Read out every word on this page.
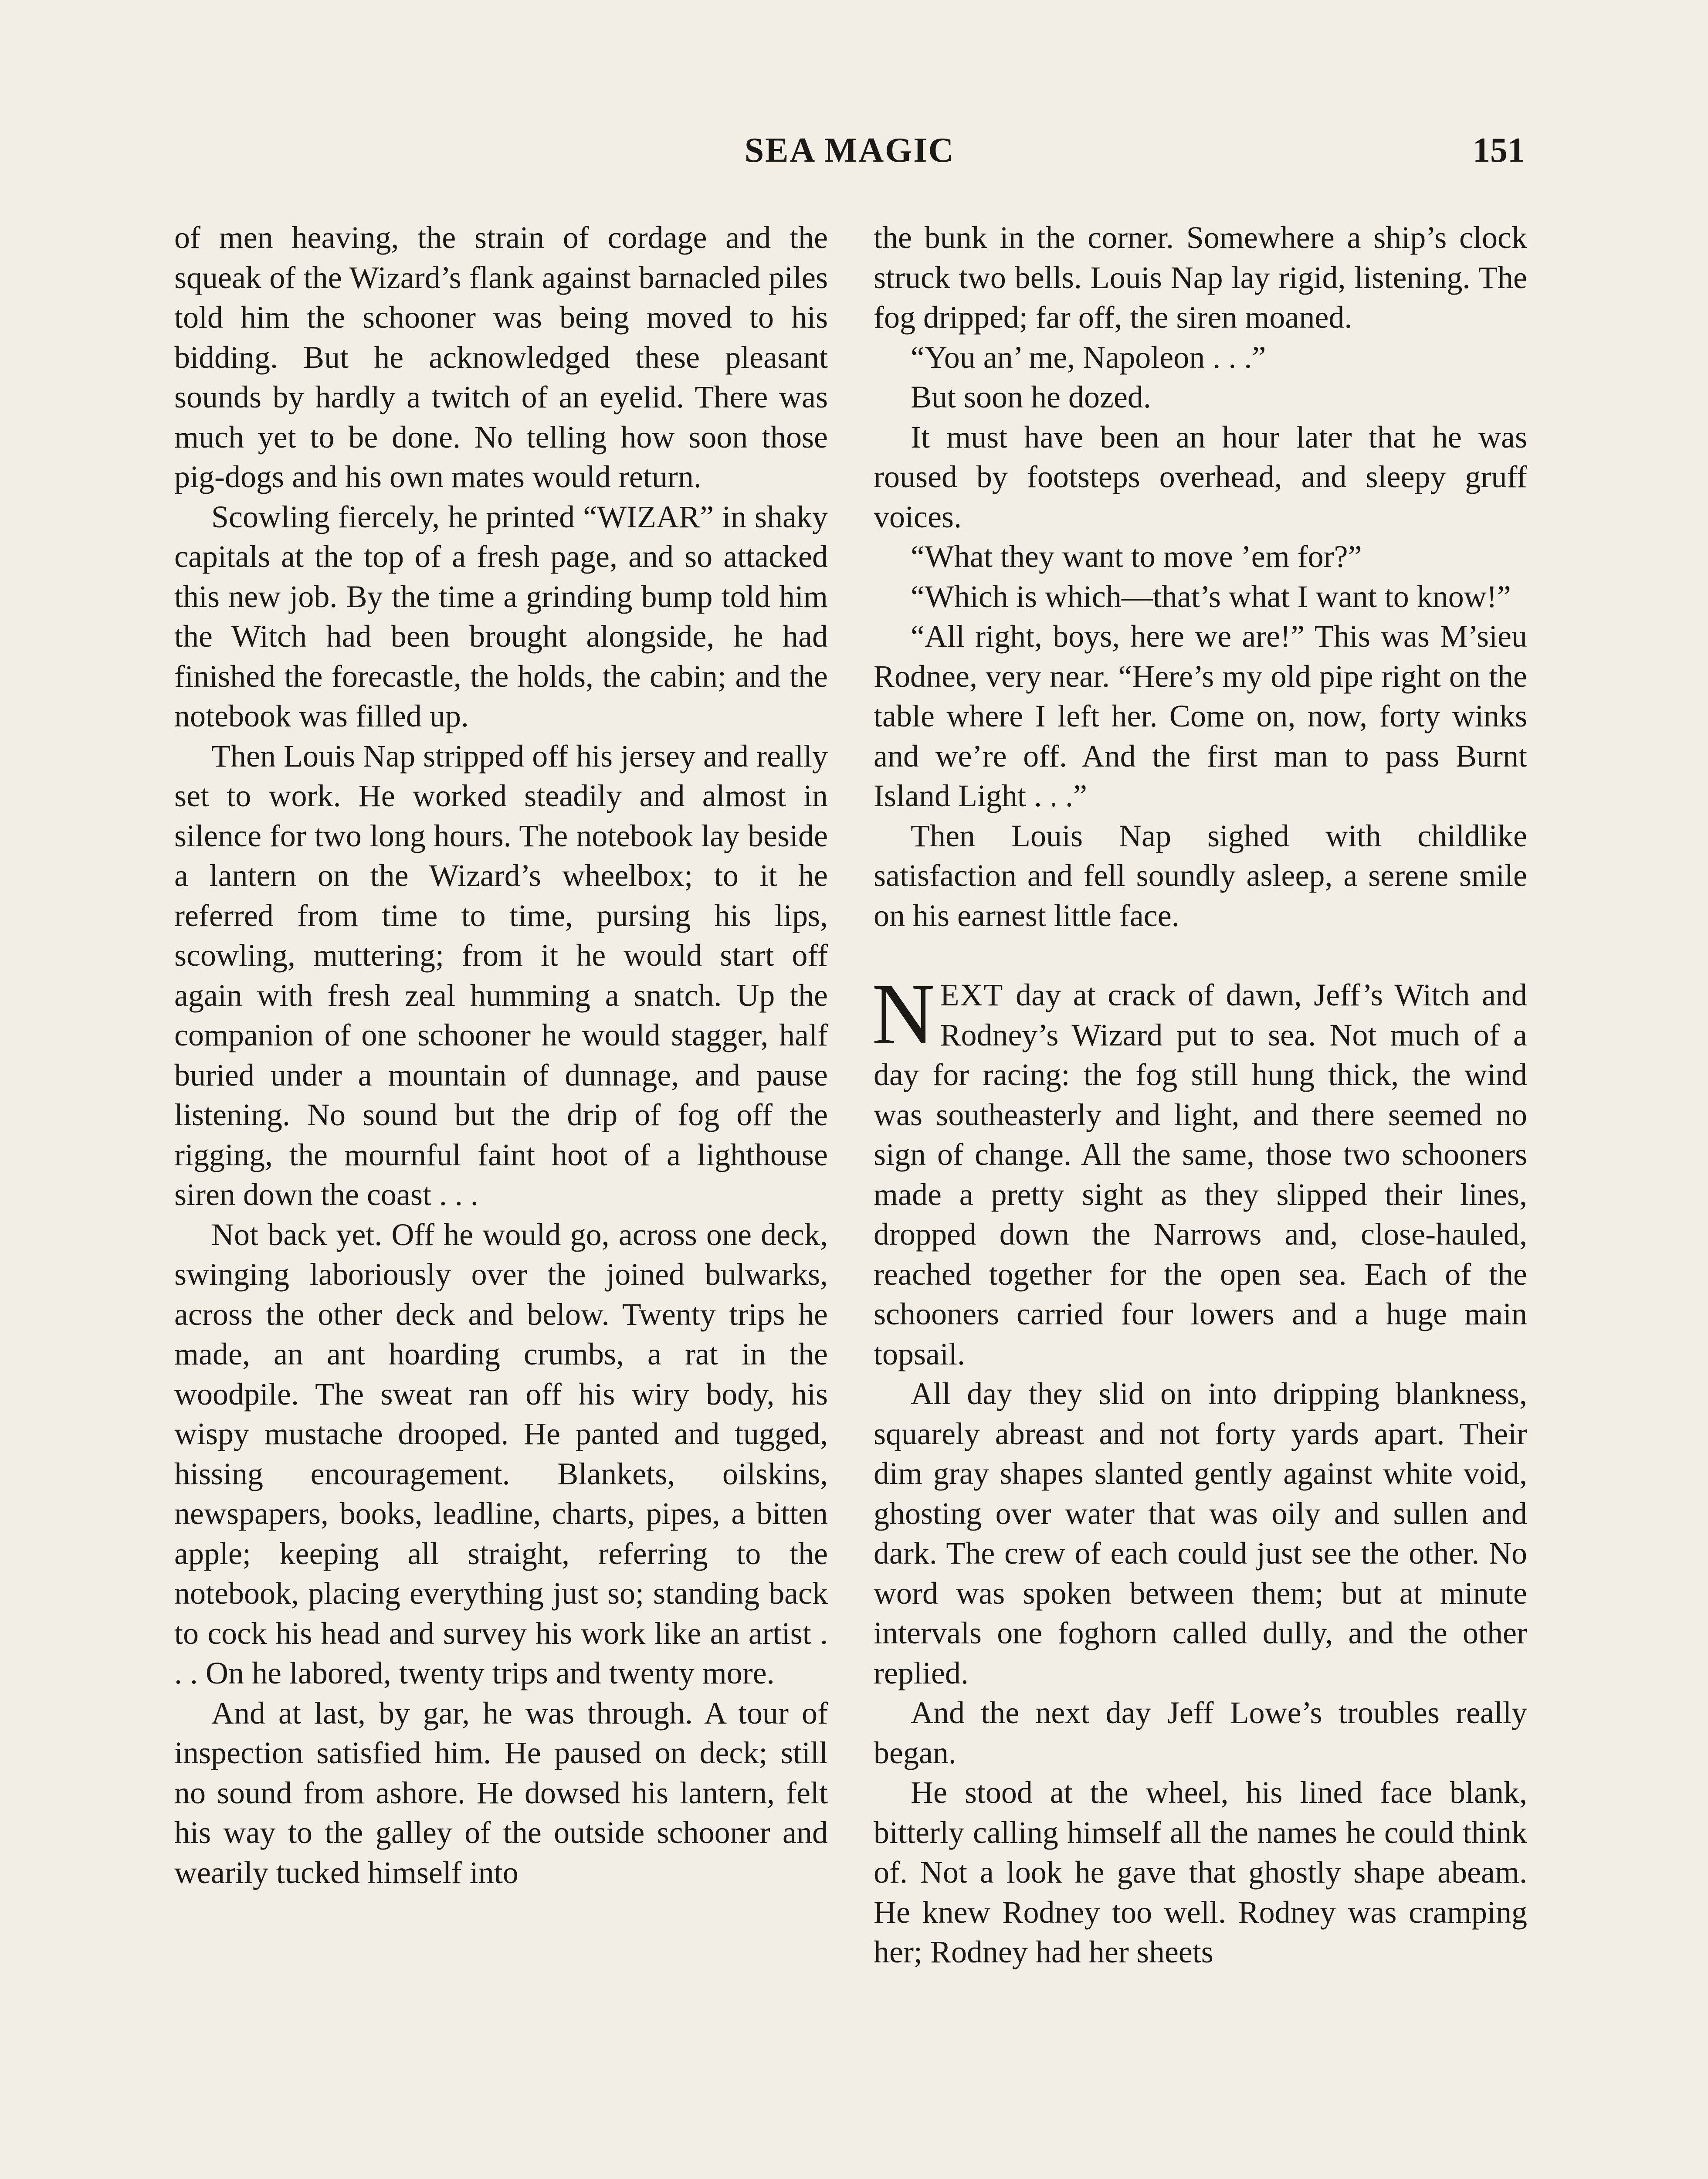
SEA MAGIC	151

of men heaving, the strain of cordage and the squeak of the Wizard’s flank against barnacled piles told him the schooner was being moved to his bidding. But he acknowledged these pleasant sounds by hardly a twitch of an eyelid. There was much yet to be done. No telling how soon those pig-dogs and his own mates would return.

Scowling fiercely, he printed “WIZAR” in shaky capitals at the top of a fresh page, and so attacked this new job. By the time a grinding bump told him the Witch had been brought alongside, he had finished the forecastle, the holds, the cabin; and the notebook was filled up.

Then Louis Nap stripped off his jersey and really set to work. He worked steadily and almost in silence for two long hours. The notebook lay beside a lantern on the Wizard’s wheelbox; to it he referred from time to time, pursing his lips, scowling, muttering; from it he would start off again with fresh zeal humming a snatch. Up the companion of one schooner he would stagger, half buried under a mountain of dunnage, and pause listening. No sound but the drip of fog off the rigging, the mournful faint hoot of a lighthouse siren down the coast . . .

Not back yet. Off he would go, across one deck, swinging laboriously over the joined bulwarks, across the other deck and below. Twenty trips he made, an ant hoarding crumbs, a rat in the woodpile. The sweat ran off his wiry body, his wispy mustache drooped. He panted and tugged, hissing encouragement. Blankets, oilskins, newspapers, books, leadline, charts, pipes, a bitten apple; keeping all straight, referring to the notebook, placing everything just so; standing back to cock his head and survey his work like an artist . . . On he labored, twenty trips and twenty more.

And at last, by gar, he was through. A tour of inspection satisfied him. He paused on deck; still no sound from ashore. He dowsed his lantern, felt his way to the galley of the outside schooner and wearily tucked himself into

the bunk in the corner. Somewhere a ship’s clock struck two bells. Louis Nap lay rigid, listening. The fog dripped; far off, the siren moaned.

“You an’ me, Napoleon . . .”

But soon he dozed.

It must have been an hour later that he was roused by footsteps overhead, and sleepy gruff voices.

“What they want to move ’em for?”

“Which is which—that’s what I want to know!”

“All right, boys, here we are!” This was M’sieu Rodnee, very near. “Here’s my old pipe right on the table where I left her. Come on, now, forty winks and we’re off. And the first man to pass Burnt Island Light . . .”

Then Louis Nap sighed with childlike satisfaction and fell soundly asleep, a serene smile on his earnest little face.

NEXT day at crack of dawn, Jeff’s Witch and Rodney’s Wizard put to sea. Not much of a day for racing: the fog still hung thick, the wind was southeasterly and light, and there seemed no sign of change. All the same, those two schooners made a pretty sight as they slipped their lines, dropped down the Narrows and, close-hauled, reached together for the open sea. Each of the schooners carried four lowers and a huge main topsail.

All day they slid on into dripping blankness, squarely abreast and not forty yards apart. Their dim gray shapes slanted gently against white void, ghosting over water that was oily and sullen and dark. The crew of each could just see the other. No word was spoken between them; but at minute intervals one foghorn called dully, and the other replied.

And the next day Jeff Lowe’s troubles really began.

He stood at the wheel, his lined face blank, bitterly calling himself all the names he could think of. Not a look he gave that ghostly shape abeam. He knew Rodney too well. Rodney was cramping her; Rodney had her sheets
